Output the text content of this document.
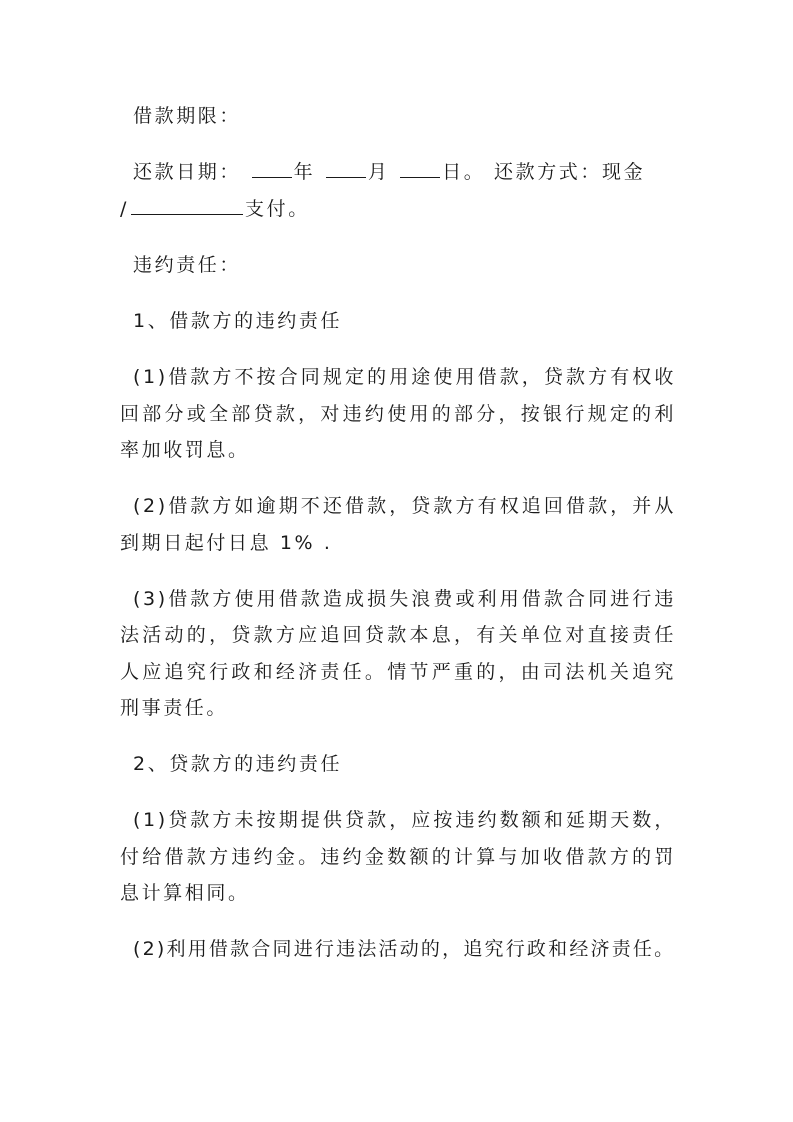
借款期限：

还款日期：	年	月	日。 还款方式：现金
/	支付。

违约责任：

1、借款方的违约责任

(1)借款方不按合同规定的用途使用借款，贷款方有权收回部分或全部贷款，对违约使用的部分，按银行规定的利率加收罚息。

(2)借款方如逾期不还借款，贷款方有权追回借款，并从到期日起付日息 1% .

(3)借款方使用借款造成损失浪费或利用借款合同进行违法活动的，贷款方应追回贷款本息，有关单位对直接责任人应追究行政和经济责任。情节严重的，由司法机关追究刑事责任。

2、贷款方的违约责任

(1)贷款方未按期提供贷款，应按违约数额和延期天数，付给借款方违约金。违约金数额的计算与加收借款方的罚息计算相同。

(2)利用借款合同进行违法活动的，追究行政和经济责任。
